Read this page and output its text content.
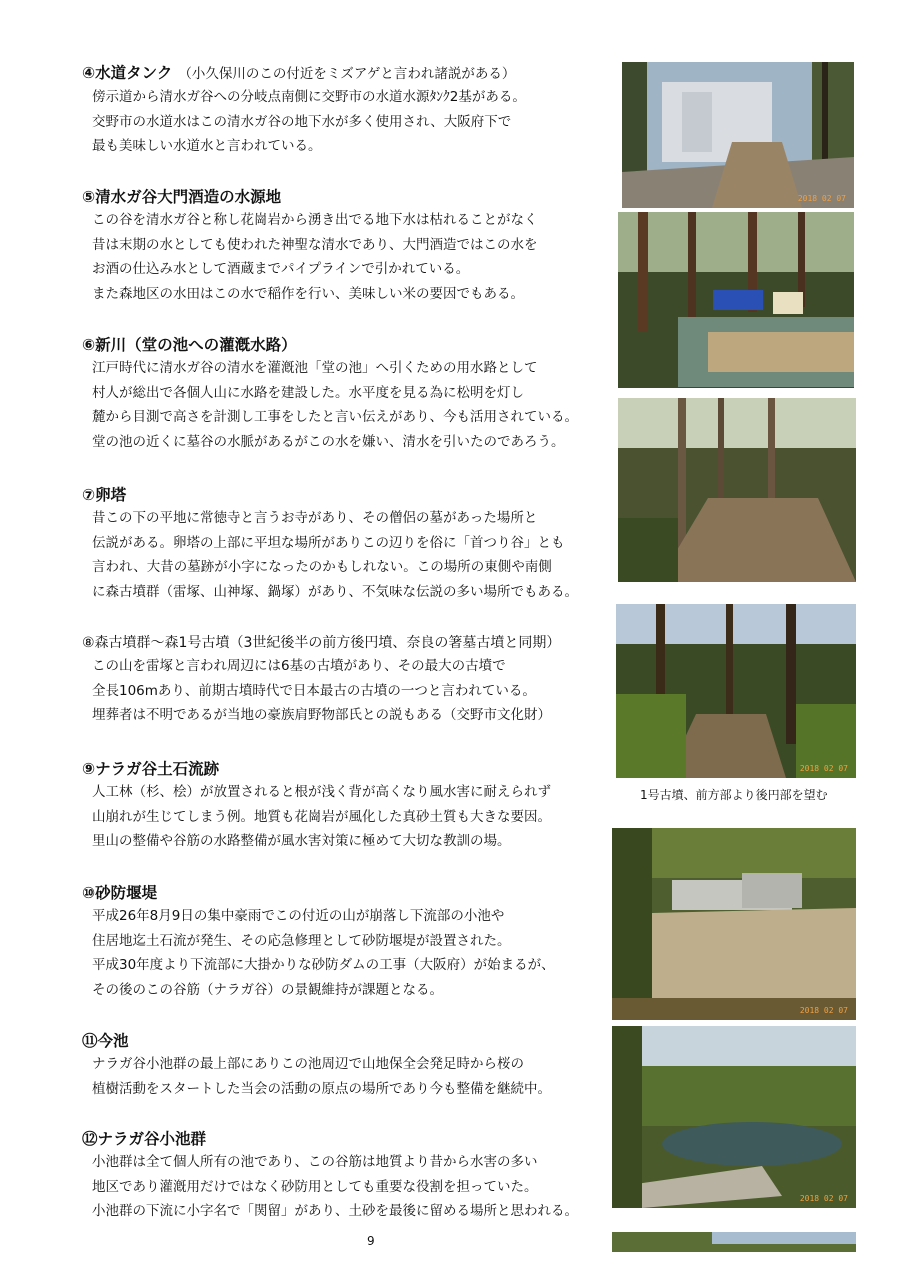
④水道タンク （小久保川のこの付近をミズアゲと言われ諸説がある）
傍示道から清水ガ谷への分岐点南側に交野市の水道水源ﾀﾝｸ2基がある。
交野市の水道水はこの清水ガ谷の地下水が多く使用され、大阪府下で
最も美味しい水道水と言われている。
⑤清水ガ谷大門酒造の水源地
この谷を清水ガ谷と称し花崗岩から湧き出でる地下水は枯れることがなく
昔は末期の水としても使われた神聖な清水であり、大門酒造ではこの水を
お酒の仕込み水として酒蔵までパイプラインで引かれている。
また森地区の水田はこの水で稲作を行い、美味しい米の要因でもある。
⑥新川（堂の池への灌漑水路）
江戸時代に清水ガ谷の清水を灌漑池「堂の池」へ引くための用水路として
村人が総出で各個人山に水路を建設した。水平度を見る為に松明を灯し
麓から目測で高さを計測し工事をしたと言い伝えがあり、今も活用されている。
堂の池の近くに墓谷の水脈があるがこの水を嫌い、清水を引いたのであろう。
⑦卵塔
昔この下の平地に常徳寺と言うお寺があり、その僧侶の墓があった場所と
伝説がある。卵塔の上部に平坦な場所がありこの辺りを俗に「首つり谷」とも
言われ、大昔の墓跡が小字になったのかもしれない。この場所の東側や南側
に森古墳群（雷塚、山神塚、鍋塚）があり、不気味な伝説の多い場所でもある。
⑧森古墳群～森1号古墳（3世紀後半の前方後円墳、奈良の箸墓古墳と同期）
この山を雷塚と言われ周辺には6基の古墳があり、その最大の古墳で
全長106mあり、前期古墳時代で日本最古の古墳の一つと言われている。
埋葬者は不明であるが当地の豪族肩野物部氏との説もある（交野市文化財）
⑨ナラガ谷土石流跡
人工林（杉、桧）が放置されると根が浅く背が高くなり風水害に耐えられず
山崩れが生じてしまう例。地質も花崗岩が風化した真砂土質も大きな要因。
里山の整備や谷筋の水路整備が風水害対策に極めて大切な教訓の場。
⑩砂防堰堤
平成26年8月9日の集中豪雨でこの付近の山が崩落し下流部の小池や
住居地迄土石流が発生、その応急修理として砂防堰堤が設置された。
平成30年度より下流部に大掛かりな砂防ダムの工事（大阪府）が始まるが、
その後のこの谷筋（ナラガ谷）の景観維持が課題となる。
⑪今池
ナラガ谷小池群の最上部にありこの池周辺で山地保全会発足時から桜の
植樹活動をスタートした当会の活動の原点の場所であり今も整備を継続中。
⑫ナラガ谷小池群
小池群は全て個人所有の池であり、この谷筋は地質より昔から水害の多い
地区であり灌漑用だけではなく砂防用としても重要な役割を担っていた。
小池群の下流に小字名で「関留」があり、土砂を最後に留める場所と思われる。
2018 02 07
2018 02 07
1号古墳、前方部より後円部を望む
2018 02 07
2018 02 07
9
